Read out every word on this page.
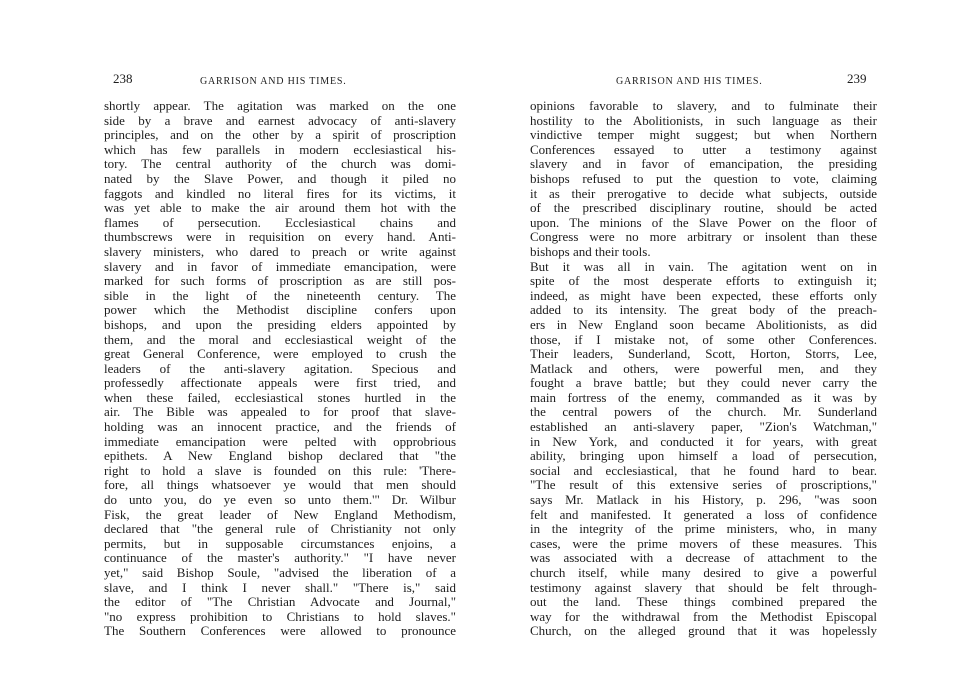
238	GARRISON AND HIS TIMES.
shortly appear. The agitation was marked on the one
side by a brave and earnest advocacy of anti-slavery
principles, and on the other by a spirit of proscription
which has few parallels in modern ecclesiastical his-
tory. The central authority of the church was domi-
nated by the Slave Power, and though it piled no
faggots and kindled no literal fires for its victims, it
was yet able to make the air around them hot with the
flames of persecution. Ecclesiastical chains and
thumbscrews were in requisition on every hand. Anti-
slavery ministers, who dared to preach or write against
slavery and in favor of immediate emancipation, were
marked for such forms of proscription as are still pos-
sible in the light of the nineteenth century. The
power which the Methodist discipline confers upon
bishops, and upon the presiding elders appointed by
them, and the moral and ecclesiastical weight of the
great General Conference, were employed to crush the
leaders of the anti-slavery agitation. Specious and
professedly affectionate appeals were first tried, and
when these failed, ecclesiastical stones hurtled in the
air. The Bible was appealed to for proof that slave-
holding was an innocent practice, and the friends of
immediate emancipation were pelted with opprobrious
epithets. A New England bishop declared that "the
right to hold a slave is founded on this rule: 'There-
fore, all things whatsoever ye would that men should
do unto you, do ye even so unto them.'" Dr. Wilbur
Fisk, the great leader of New England Methodism,
declared that "the general rule of Christianity not only
permits, but in supposable circumstances enjoins, a
continuance of the master's authority." "I have never
yet," said Bishop Soule, "advised the liberation of a
slave, and I think I never shall." "There is," said
the editor of "The Christian Advocate and Journal,"
"no express prohibition to Christians to hold slaves."
The Southern Conferences were allowed to pronounce
GARRISON AND HIS TIMES.	239
opinions favorable to slavery, and to fulminate their
hostility to the Abolitionists, in such language as their
vindictive temper might suggest; but when Northern
Conferences essayed to utter a testimony against
slavery and in favor of emancipation, the presiding
bishops refused to put the question to vote, claiming
it as their prerogative to decide what subjects, outside
of the prescribed disciplinary routine, should be acted
upon. The minions of the Slave Power on the floor of
Congress were no more arbitrary or insolent than these
bishops and their tools.
But it was all in vain. The agitation went on in
spite of the most desperate efforts to extinguish it;
indeed, as might have been expected, these efforts only
added to its intensity. The great body of the preach-
ers in New England soon became Abolitionists, as did
those, if I mistake not, of some other Conferences.
Their leaders, Sunderland, Scott, Horton, Storrs, Lee,
Matlack and others, were powerful men, and they
fought a brave battle; but they could never carry the
main fortress of the enemy, commanded as it was by
the central powers of the church. Mr. Sunderland
established an anti-slavery paper, "Zion's Watchman,"
in New York, and conducted it for years, with great
ability, bringing upon himself a load of persecution,
social and ecclesiastical, that he found hard to bear.
"The result of this extensive series of proscriptions,"
says Mr. Matlack in his History, p. 296, "was soon
felt and manifested. It generated a loss of confidence
in the integrity of the prime ministers, who, in many
cases, were the prime movers of these measures. This
was associated with a decrease of attachment to the
church itself, while many desired to give a powerful
testimony against slavery that should be felt through-
out the land. These things combined prepared the
way for the withdrawal from the Methodist Episcopal
Church, on the alleged ground that it was hopelessly
